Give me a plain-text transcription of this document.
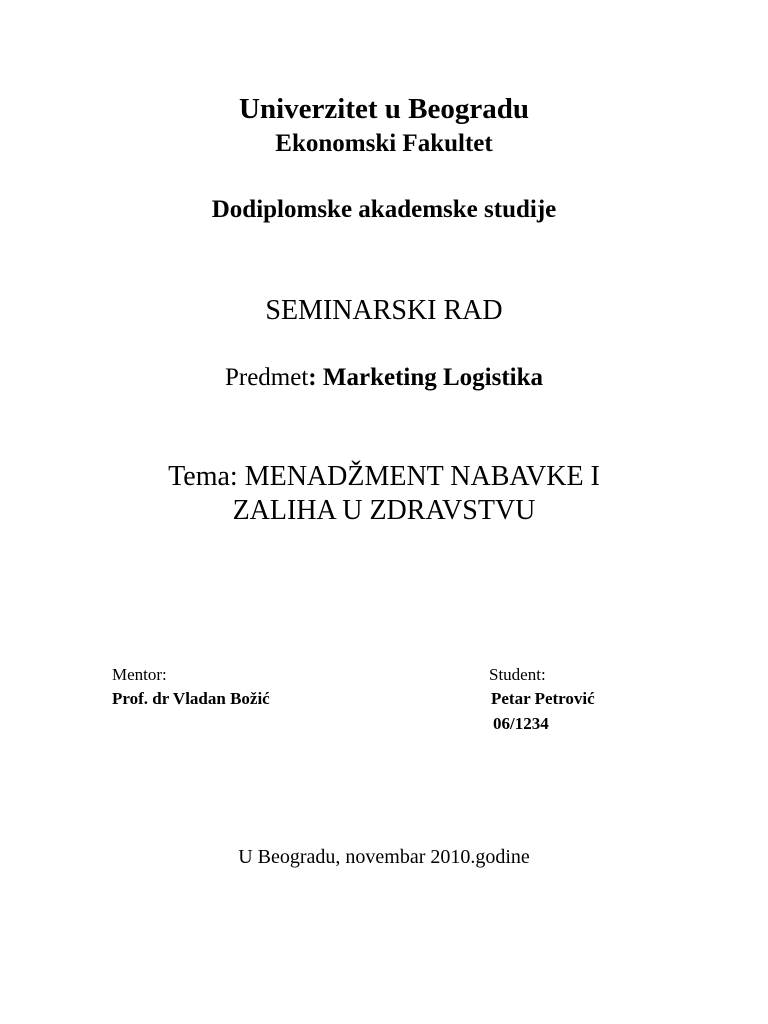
Univerzitet u Beogradu
Ekonomski Fakultet
Dodiplomske akademske studije
SEMINARSKI RAD
Predmet: Marketing Logistika
Tema: MENADŽMENT NABAVKE I
ZALIHA U ZDRAVSTVU
Mentor:
Prof. dr Vladan Božić
Student:
Petar Petrović
06/1234
U Beogradu, novembar 2010.godine
